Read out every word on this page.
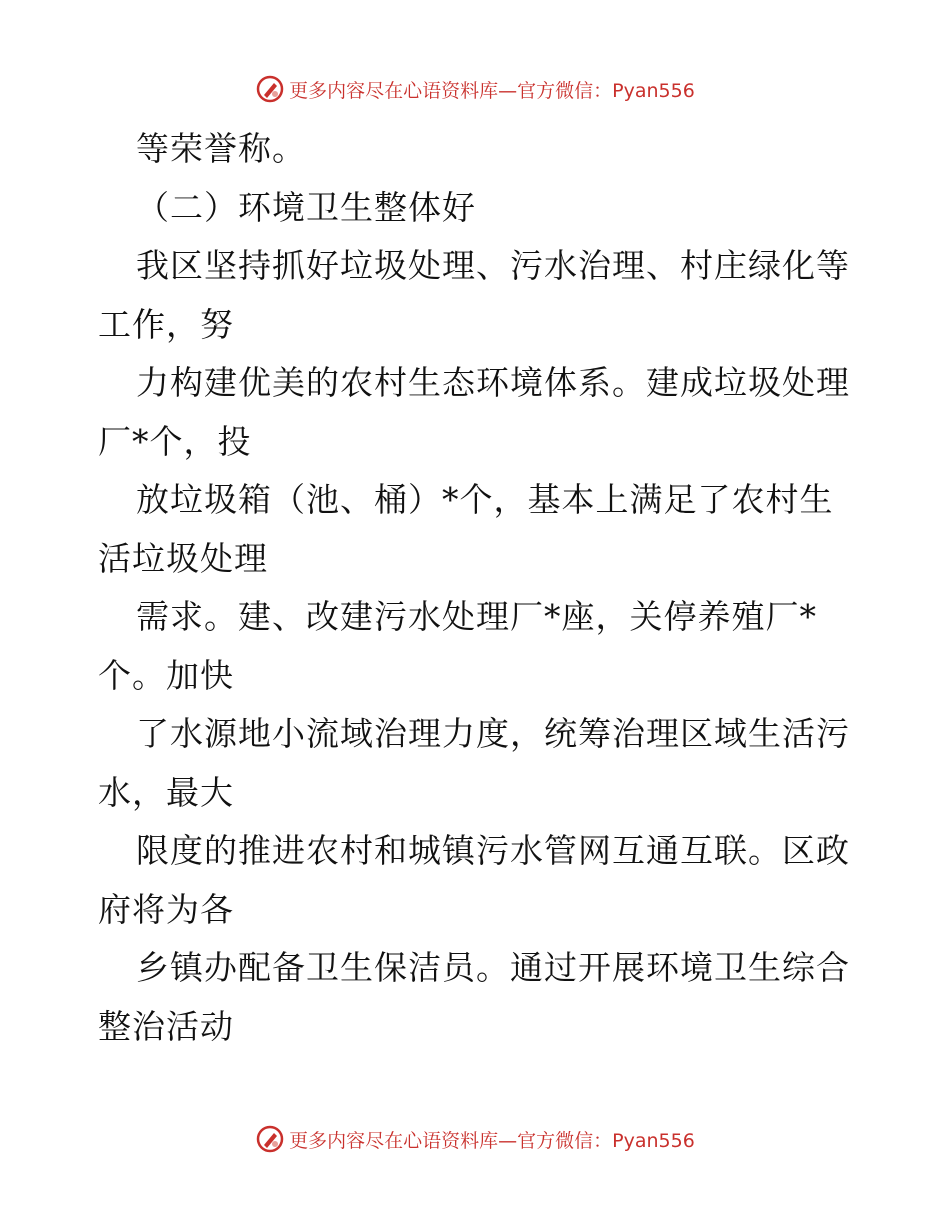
更多内容尽在心语资料库—官方微信：Pyan556
等荣誉称。
（二）环境卫生整体好
我区坚持抓好垃圾处理、污水治理、村庄绿化等
工作，努
力构建优美的农村生态环境体系。建成垃圾处理
厂*个，投
放垃圾箱（池、桶）*个，基本上满足了农村生
活垃圾处理
需求。建、改建污水处理厂*座，关停养殖厂*
个。加快
了水源地小流域治理力度，统筹治理区域生活污
水，最大
限度的推进农村和城镇污水管网互通互联。区政
府将为各
乡镇办配备卫生保洁员。通过开展环境卫生综合
整治活动
更多内容尽在心语资料库—官方微信：Pyan556
